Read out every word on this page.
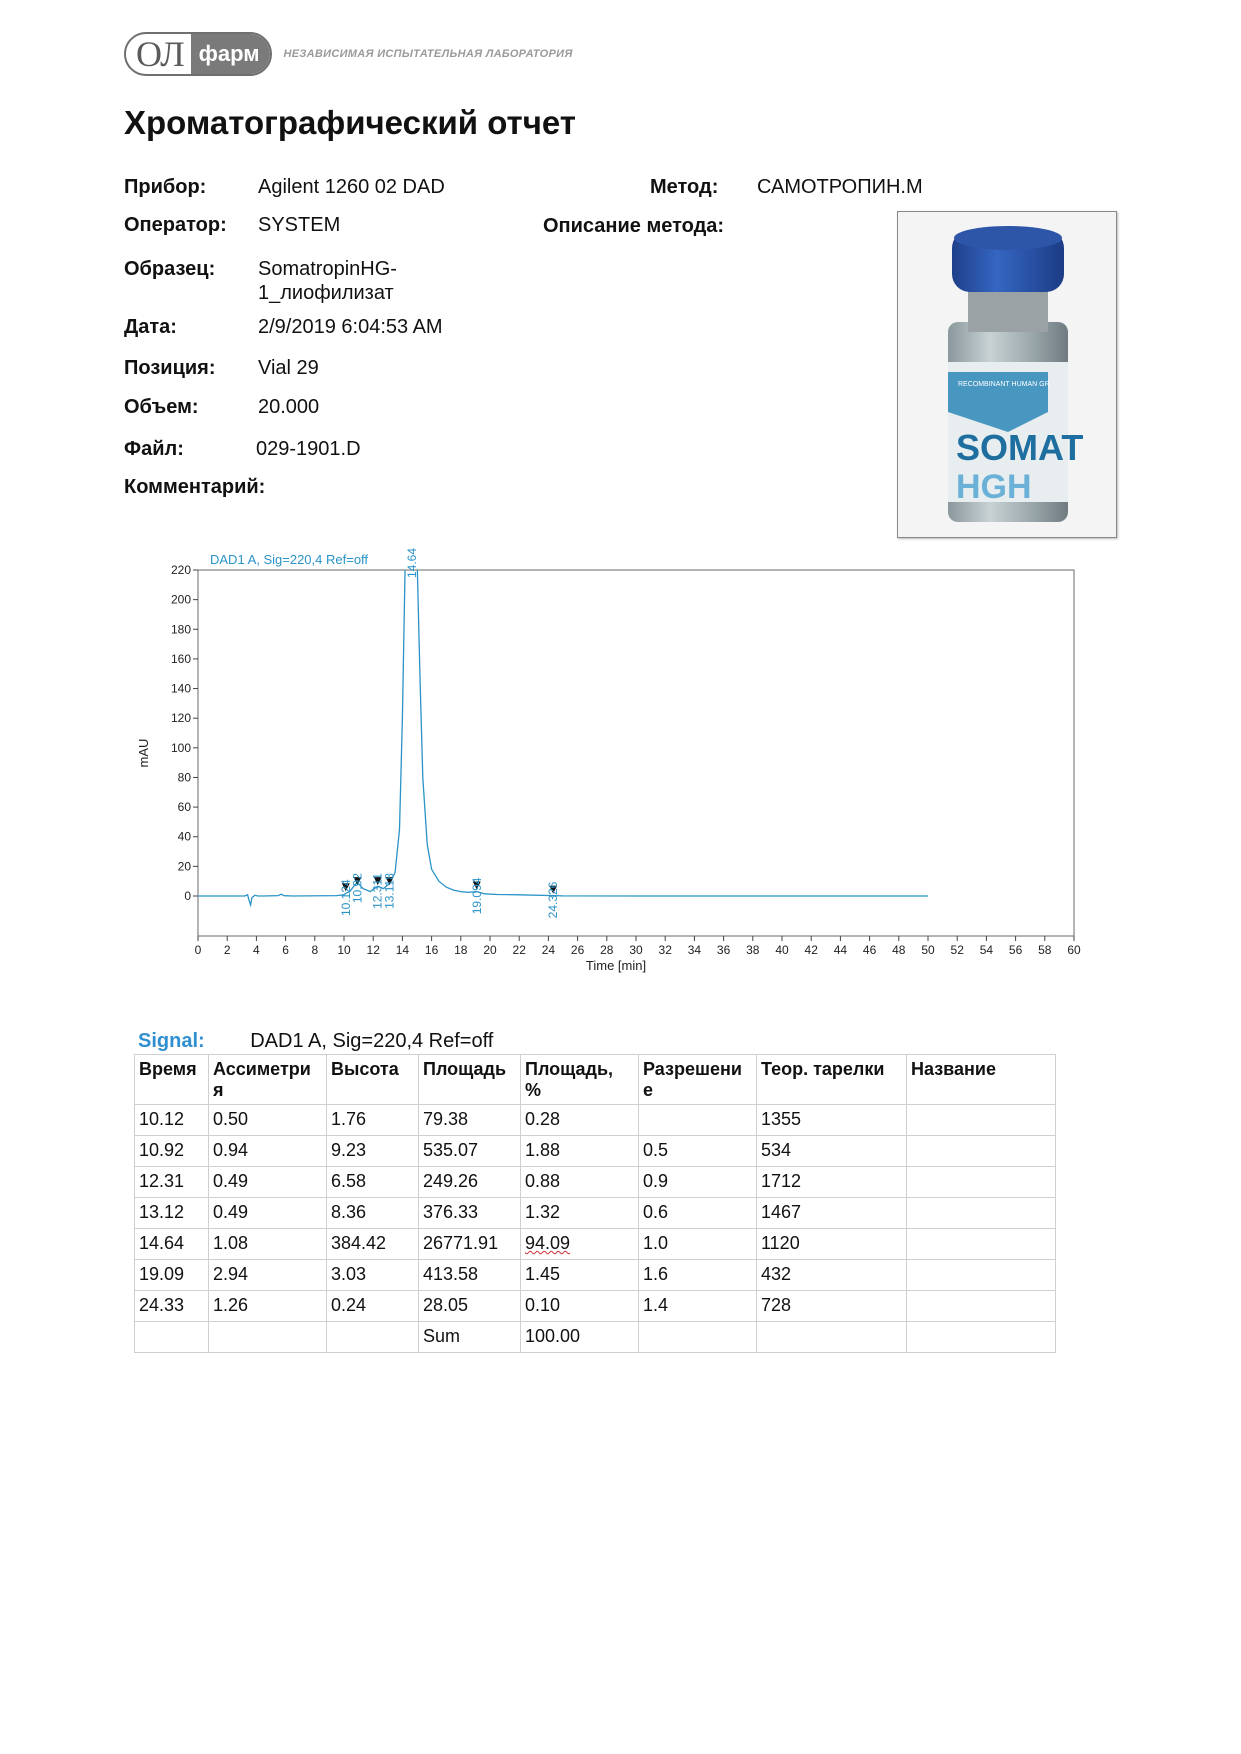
ОЛ фарм	НЕЗАВИСИМАЯ ИСПЫТАТЕЛЬНАЯ ЛАБОРАТОРИЯ
Хроматографический отчет
Прибор:	Agilent 1260 02 DAD
Оператор: SYSTEM
Образец: SomatropinHG-
1_лиофилизат
Дата:	2/9/2019 6:04:53 AM
Позиция: Vial 29
Объем:	20.000
Файл:	029-1901.D
Комментарий:
Метод: САМОТРОПИН.М
Описание метода:
SOMAT
HGH
RECOMBINANT HUMAN GR
0 2 4 6 8 10 12 14 16 18 20 22 24 26 28 30 32 34 36 38 40 42 44 46 48 50 52 54 56 58 60
0
20
40
60
80
100
120
140
160
180
200
220
DAD1 A, Sig=220,4 Ref=off
Time [min]
mAU
10.124
10.92 12.311
13.118
14.641
19.094	24.326
Signal: DAD1 A, Sig=220,4 Ref=off
Время	Ассиметри я	Высота	Площадь	Площадь, %	Разрешени е	Теор. тарелки	Название
10.12	0.50	1.76	79.38	0.28		1355	
10.92	0.94	9.23	535.07	1.88	0.5	534	
12.31	0.49	6.58	249.26	0.88	0.9	1712	
13.12	0.49	8.36	376.33	1.32	0.6	1467	
14.64	1.08	384.42	26771.91	94.09	1.0	1120	
19.09	2.94	3.03	413.58	1.45	1.6	432	
24.33	1.26	0.24	28.05	0.10	1.4	728	
			Sum	100.00			
